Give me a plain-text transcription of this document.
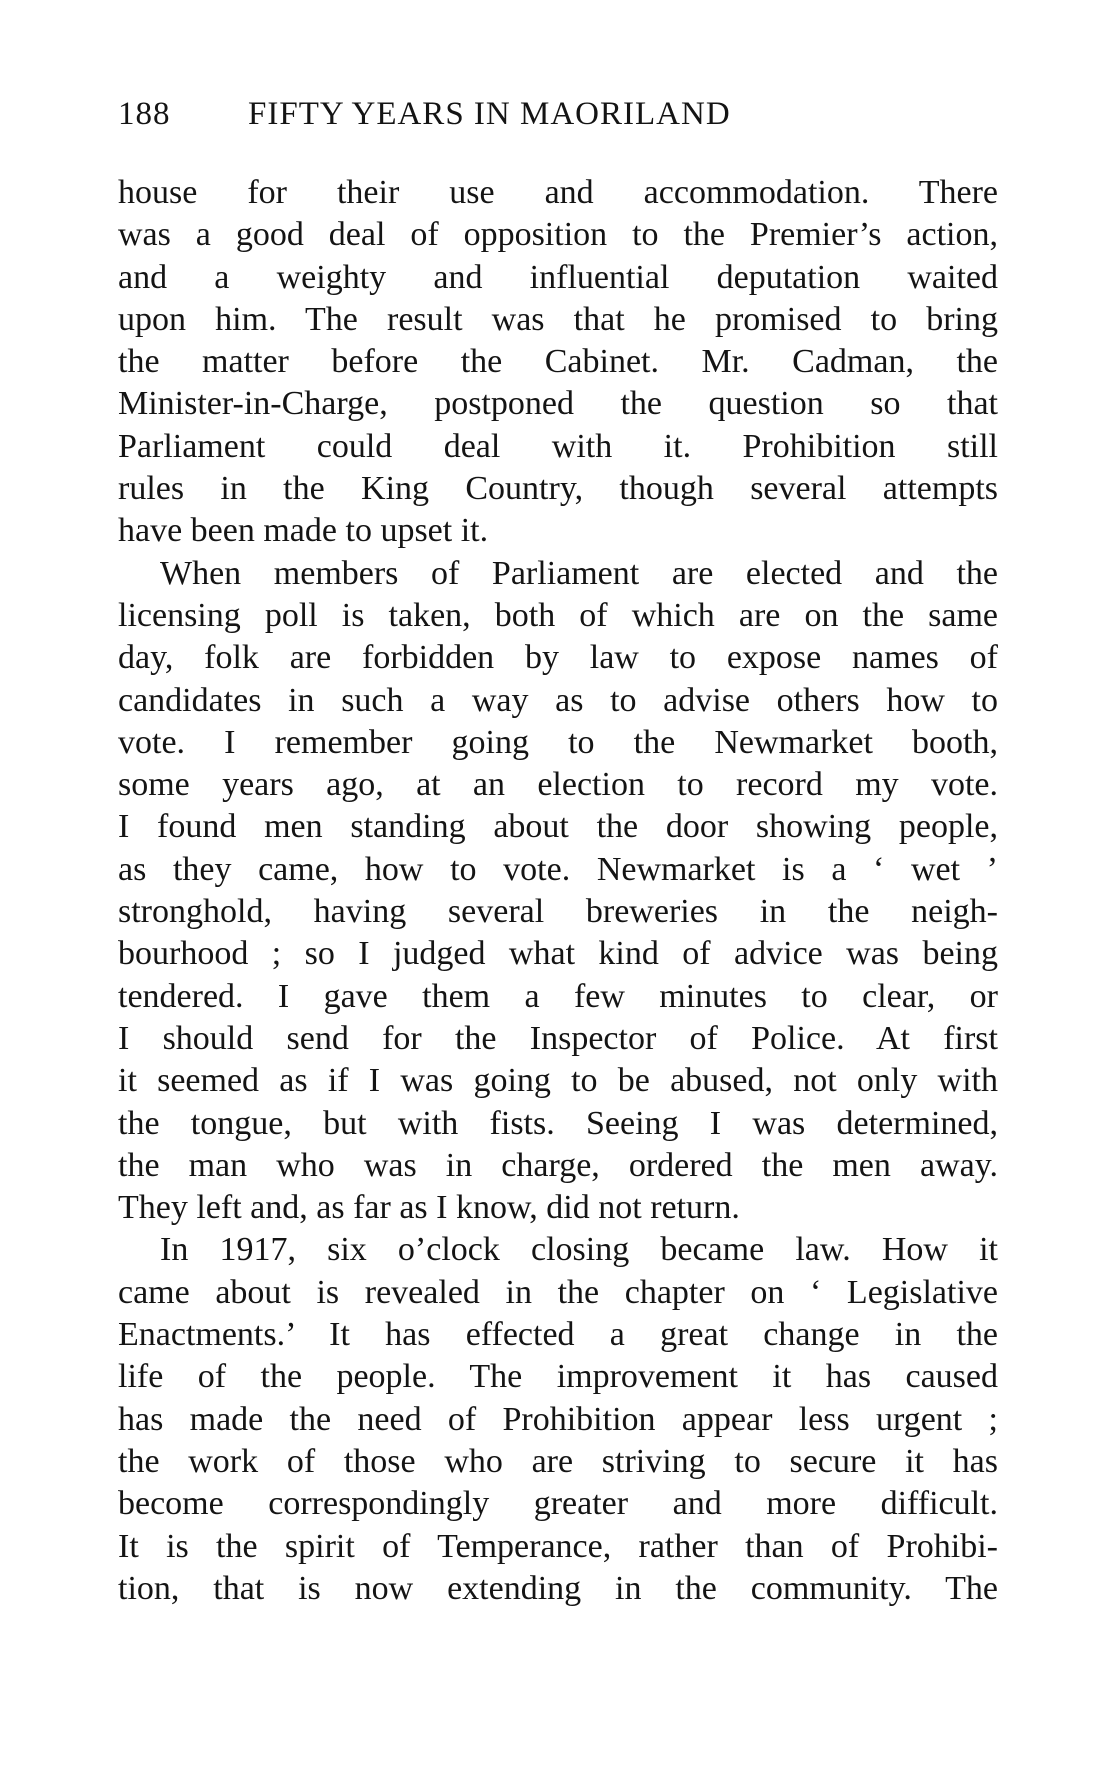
188 FIFTY YEARS IN MAORILAND
house for their use and accommodation. There
was a good deal of opposition to the Premier’s action,
and a weighty and influential deputation waited
upon him. The result was that he promised to bring
the matter before the Cabinet. Mr. Cadman, the
Minister-in-Charge, postponed the question so that
Parliament could deal with it. Prohibition still
rules in the King Country, though several attempts
have been made to upset it.
When members of Parliament are elected and the
licensing poll is taken, both of which are on the same
day, folk are forbidden by law to expose names of
candidates in such a way as to advise others how to
vote. I remember going to the Newmarket booth,
some years ago, at an election to record my vote.
I found men standing about the door showing people,
as they came, how to vote. Newmarket is a ‘ wet ’
stronghold, having several breweries in the neigh-
bourhood ; so I judged what kind of advice was being
tendered. I gave them a few minutes to clear, or
I should send for the Inspector of Police. At first
it seemed as if I was going to be abused, not only with
the tongue, but with fists. Seeing I was determined,
the man who was in charge, ordered the men away.
They left and, as far as I know, did not return.
In 1917, six o’clock closing became law. How it
came about is revealed in the chapter on ‘ Legislative
Enactments.’ It has effected a great change in the
life of the people. The improvement it has caused
has made the need of Prohibition appear less urgent ;
the work of those who are striving to secure it has
become correspondingly greater and more difficult.
It is the spirit of Temperance, rather than of Prohibi-
tion, that is now extending in the community. The
